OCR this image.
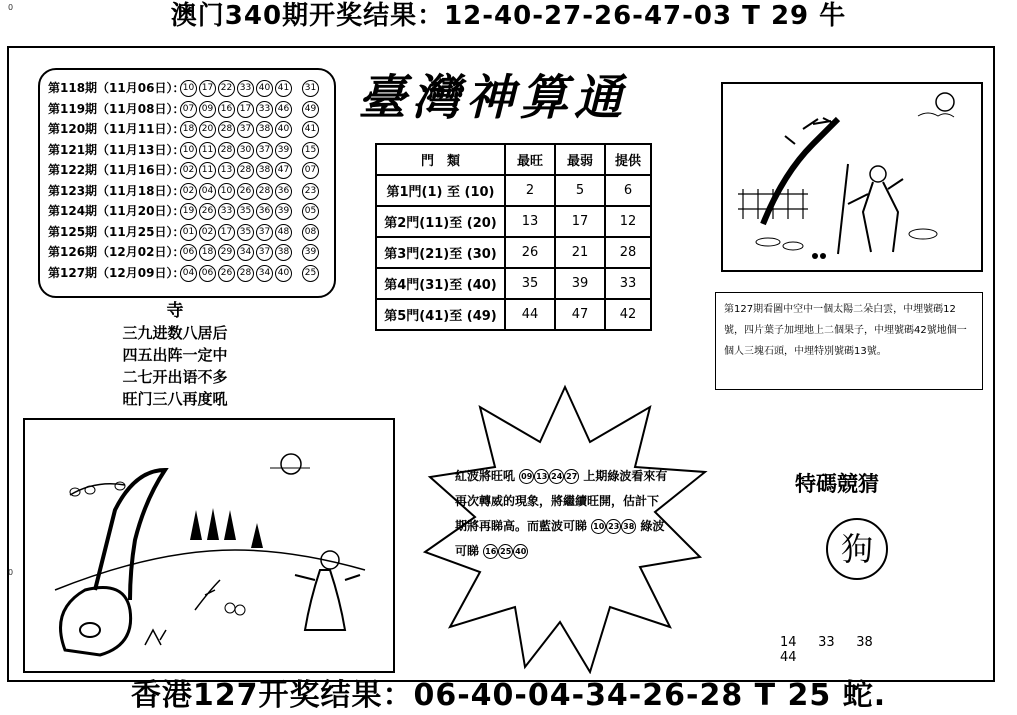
0
0
澳门340期开奖结果：12-40-27-26-47-03 T 29 牛
第118期（11月06日）：10 17 22 33 40 41 31
第119期（11月08日）：07 09 16 17 33 46 49
第120期（11月11日）：18 20 28 37 38 40 41
第121期（11月13日）：10 11 28 30 37 39 15
第122期（11月16日）：02 11 13 28 38 47 07
第123期（11月18日）：02 04 10 26 28 36 23
第124期（11月20日）：19 26 33 35 36 39 05
第125期（11月25日）：01 02 17 35 37 48 08
第126期（12月02日）：06 18 29 34 37 38 39
第127期（12月09日）：04 06 26 28 34 40 25
臺灣神算通
門　類	最旺	最弱	提供
第1門(1) 至 (10)	2	5	6
第2門(11)至 (20)	13	17	12
第3門(21)至 (30)	26	21	28
第4門(31)至 (40)	35	39	33
第5門(41)至 (49)	44	47	42
寺
三九进数八居后
四五出阵一定中
二七开出语不多
旺门三八再度吼
第127期看圖中空中一個太陽二朵白雲，中埋號碼12號，四片葉子加埋地上二個果子，中埋號碼42號地個一個人三塊石頭，中埋特別號碼13號。
紅波將旺吼 09 13 24 27 上期綠波看來有再次轉威的現象，將繼續旺開，估計下期將再睇高。而藍波可睇 10 23 38 綠波可睇 16 25 40
特碼競猜
狗
14 33 38 44
香港127开奖结果：06-40-04-34-26-28 T 25 蛇.
